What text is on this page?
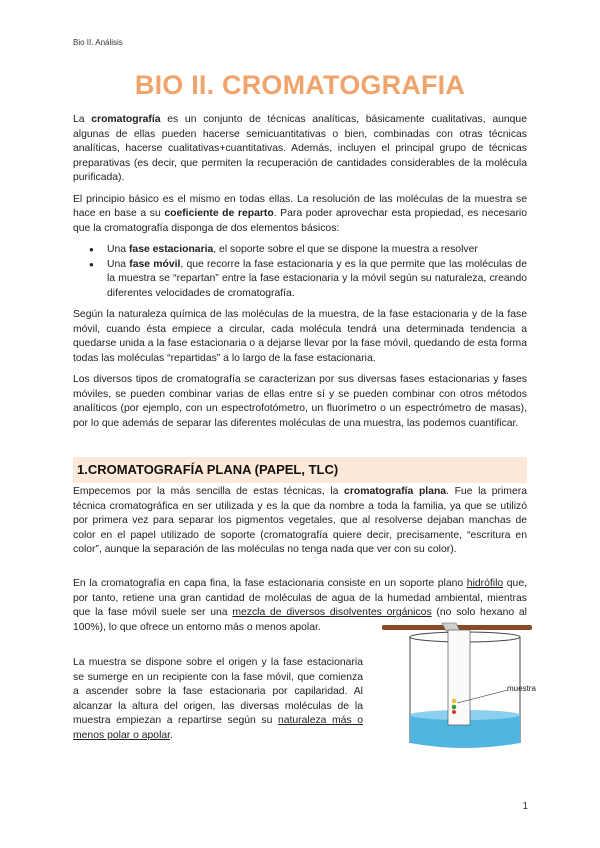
Bio II. Análisis
BIO II. CROMATOGRAFIA

La cromatografía es un conjunto de técnicas analíticas, básicamente cualitativas, aunque algunas de ellas pueden hacerse semicuantitativas o bien, combinadas con otras técnicas analíticas, hacerse cualitativas+cuantitativas. Además, incluyen el principal grupo de técnicas preparativas (es decir, que permiten la recuperación de cantidades considerables de la molécula purificada).

El principio básico es el mismo en todas ellas. La resolución de las moléculas de la muestra se hace en base a su coeficiente de reparto. Para poder aprovechar esta propiedad, es necesario que la cromatografía disponga de dos elementos básicos:

● Una fase estacionaria, el soporte sobre el que se dispone la muestra a resolver
● Una fase móvil, que recorre la fase estacionaria y es la que permite que las moléculas de la muestra se “repartan” entre la fase estacionaria y la móvil según su naturaleza, creando diferentes velocidades de cromatografía.

Según la naturaleza química de las moléculas de la muestra, de la fase estacionaria y de la fase móvil, cuando ésta empiece a circular, cada molécula tendrá una determinada tendencia a quedarse unida a la fase estacionaria o a dejarse llevar por la fase móvil, quedando de esta forma todas las moléculas “repartidas” a lo largo de la fase estacionaria.

Los diversos tipos de cromatografía se caracterizan por sus diversas fases estacionarias y fases móviles, se pueden combinar varias de ellas entre sí y se pueden combinar con otros métodos analíticos (por ejemplo, con un espectrofotómetro, un fluorímetro o un espectrómetro de masas), por lo que además de separar las diferentes moléculas de una muestra, las podemos cuantificar.

1.CROMATOGRAFÍA PLANA (PAPEL, TLC)

Empecemos por la más sencilla de estas técnicas, la cromatografía plana. Fue la primera técnica cromatográfica en ser utilizada y es la que da nombre a toda la familia, ya que se utilizó por primera vez para separar los pigmentos vegetales, que al resolverse dejaban manchas de color en el papel utilizado de soporte (cromatografía quiere decir, precisamente, “escritura en color”, aunque la separación de las moléculas no tenga nada que ver con su color).

En la cromatografía en capa fina, la fase estacionaria consiste en un soporte plano hidrófilo que, por tanto, retiene una gran cantidad de moléculas de agua de la humedad ambiental, mientras que la fase móvil suele ser una mezcla de diversos disolventes orgánicos (no solo hexano al 100%), lo que ofrece un entorno más o menos apolar.

La muestra se dispone sobre el origen y la fase estacionaria se sumerge en un recipiente con la fase móvil, que comienza a ascender sobre la fase estacionaria por capilaridad. Al alcanzar la altura del origen, las diversas moléculas de la muestra empiezan a repartirse según su naturaleza más o menos polar o apolar.

muestra
1
